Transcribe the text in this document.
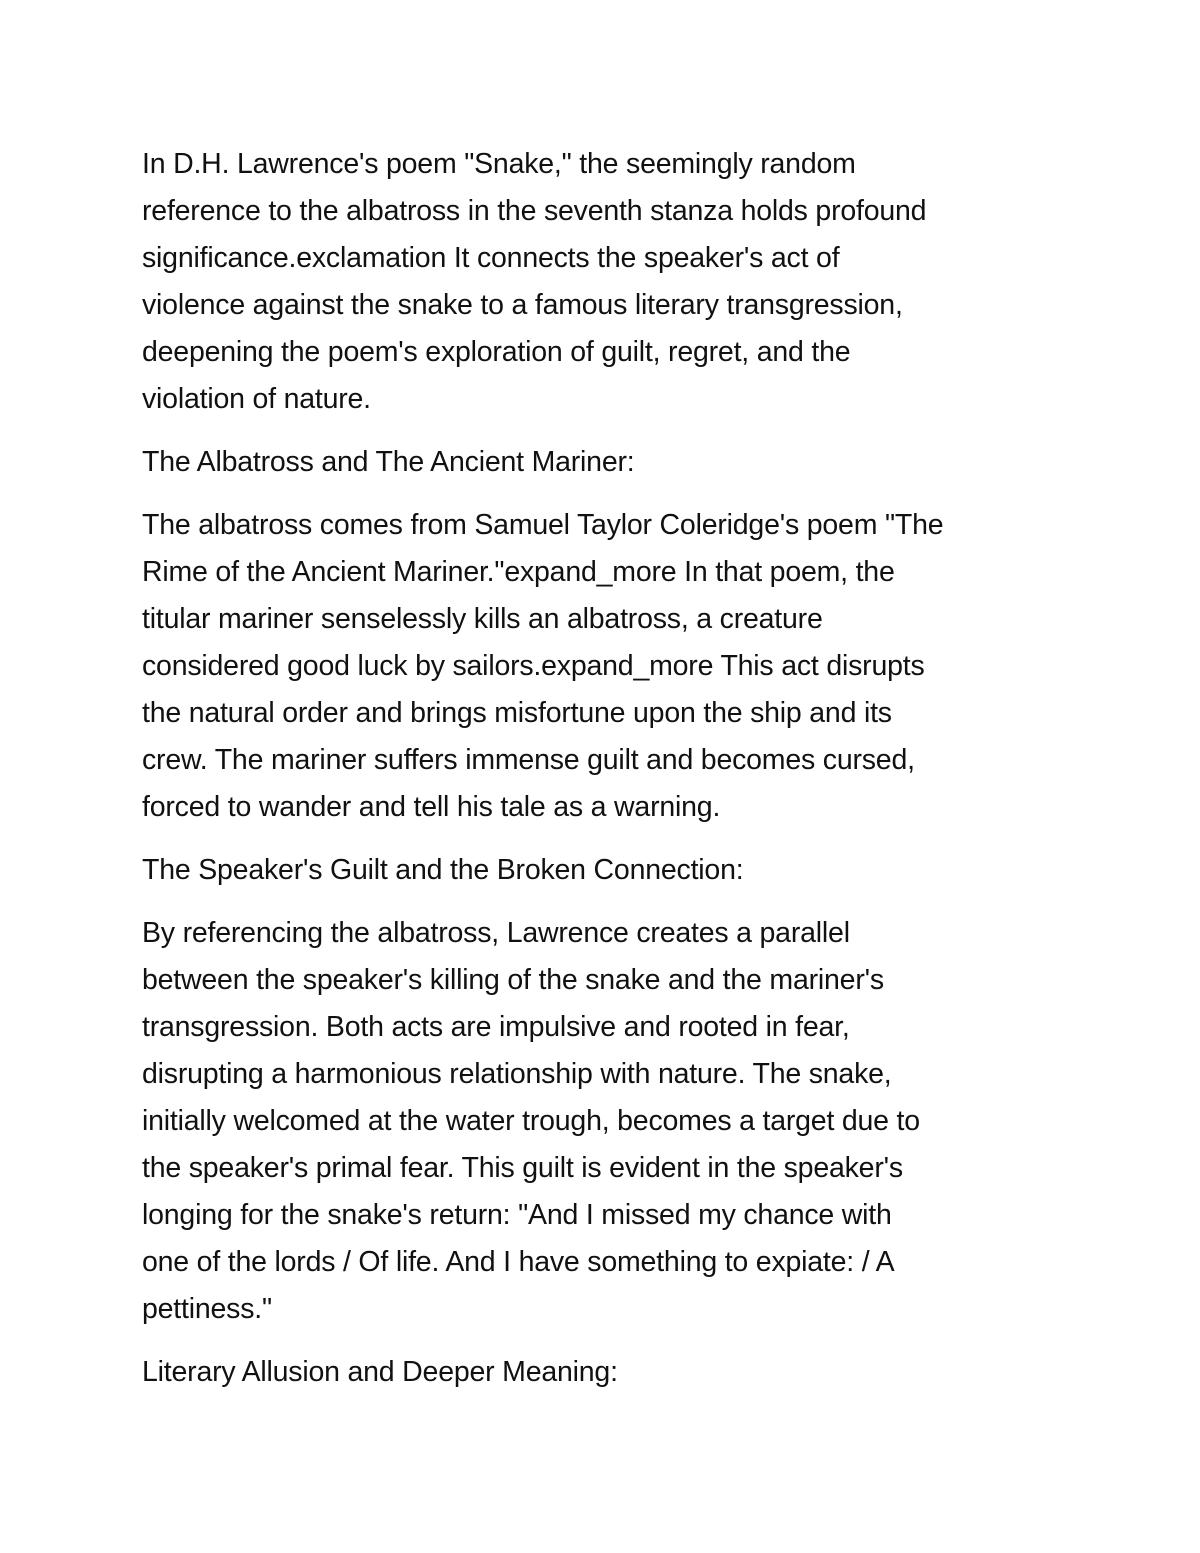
In D.H. Lawrence's poem "Snake," the seemingly random
reference to the albatross in the seventh stanza holds profound
significance.exclamation It connects the speaker's act of
violence against the snake to a famous literary transgression,
deepening the poem's exploration of guilt, regret, and the
violation of nature.

The Albatross and The Ancient Mariner:

The albatross comes from Samuel Taylor Coleridge's poem "The
Rime of the Ancient Mariner."expand_more In that poem, the
titular mariner senselessly kills an albatross, a creature
considered good luck by sailors.expand_more This act disrupts
the natural order and brings misfortune upon the ship and its
crew. The mariner suffers immense guilt and becomes cursed,
forced to wander and tell his tale as a warning.

The Speaker's Guilt and the Broken Connection:

By referencing the albatross, Lawrence creates a parallel
between the speaker's killing of the snake and the mariner's
transgression. Both acts are impulsive and rooted in fear,
disrupting a harmonious relationship with nature. The snake,
initially welcomed at the water trough, becomes a target due to
the speaker's primal fear. This guilt is evident in the speaker's
longing for the snake's return: "And I missed my chance with
one of the lords / Of life. And I have something to expiate: / A
pettiness."

Literary Allusion and Deeper Meaning:
